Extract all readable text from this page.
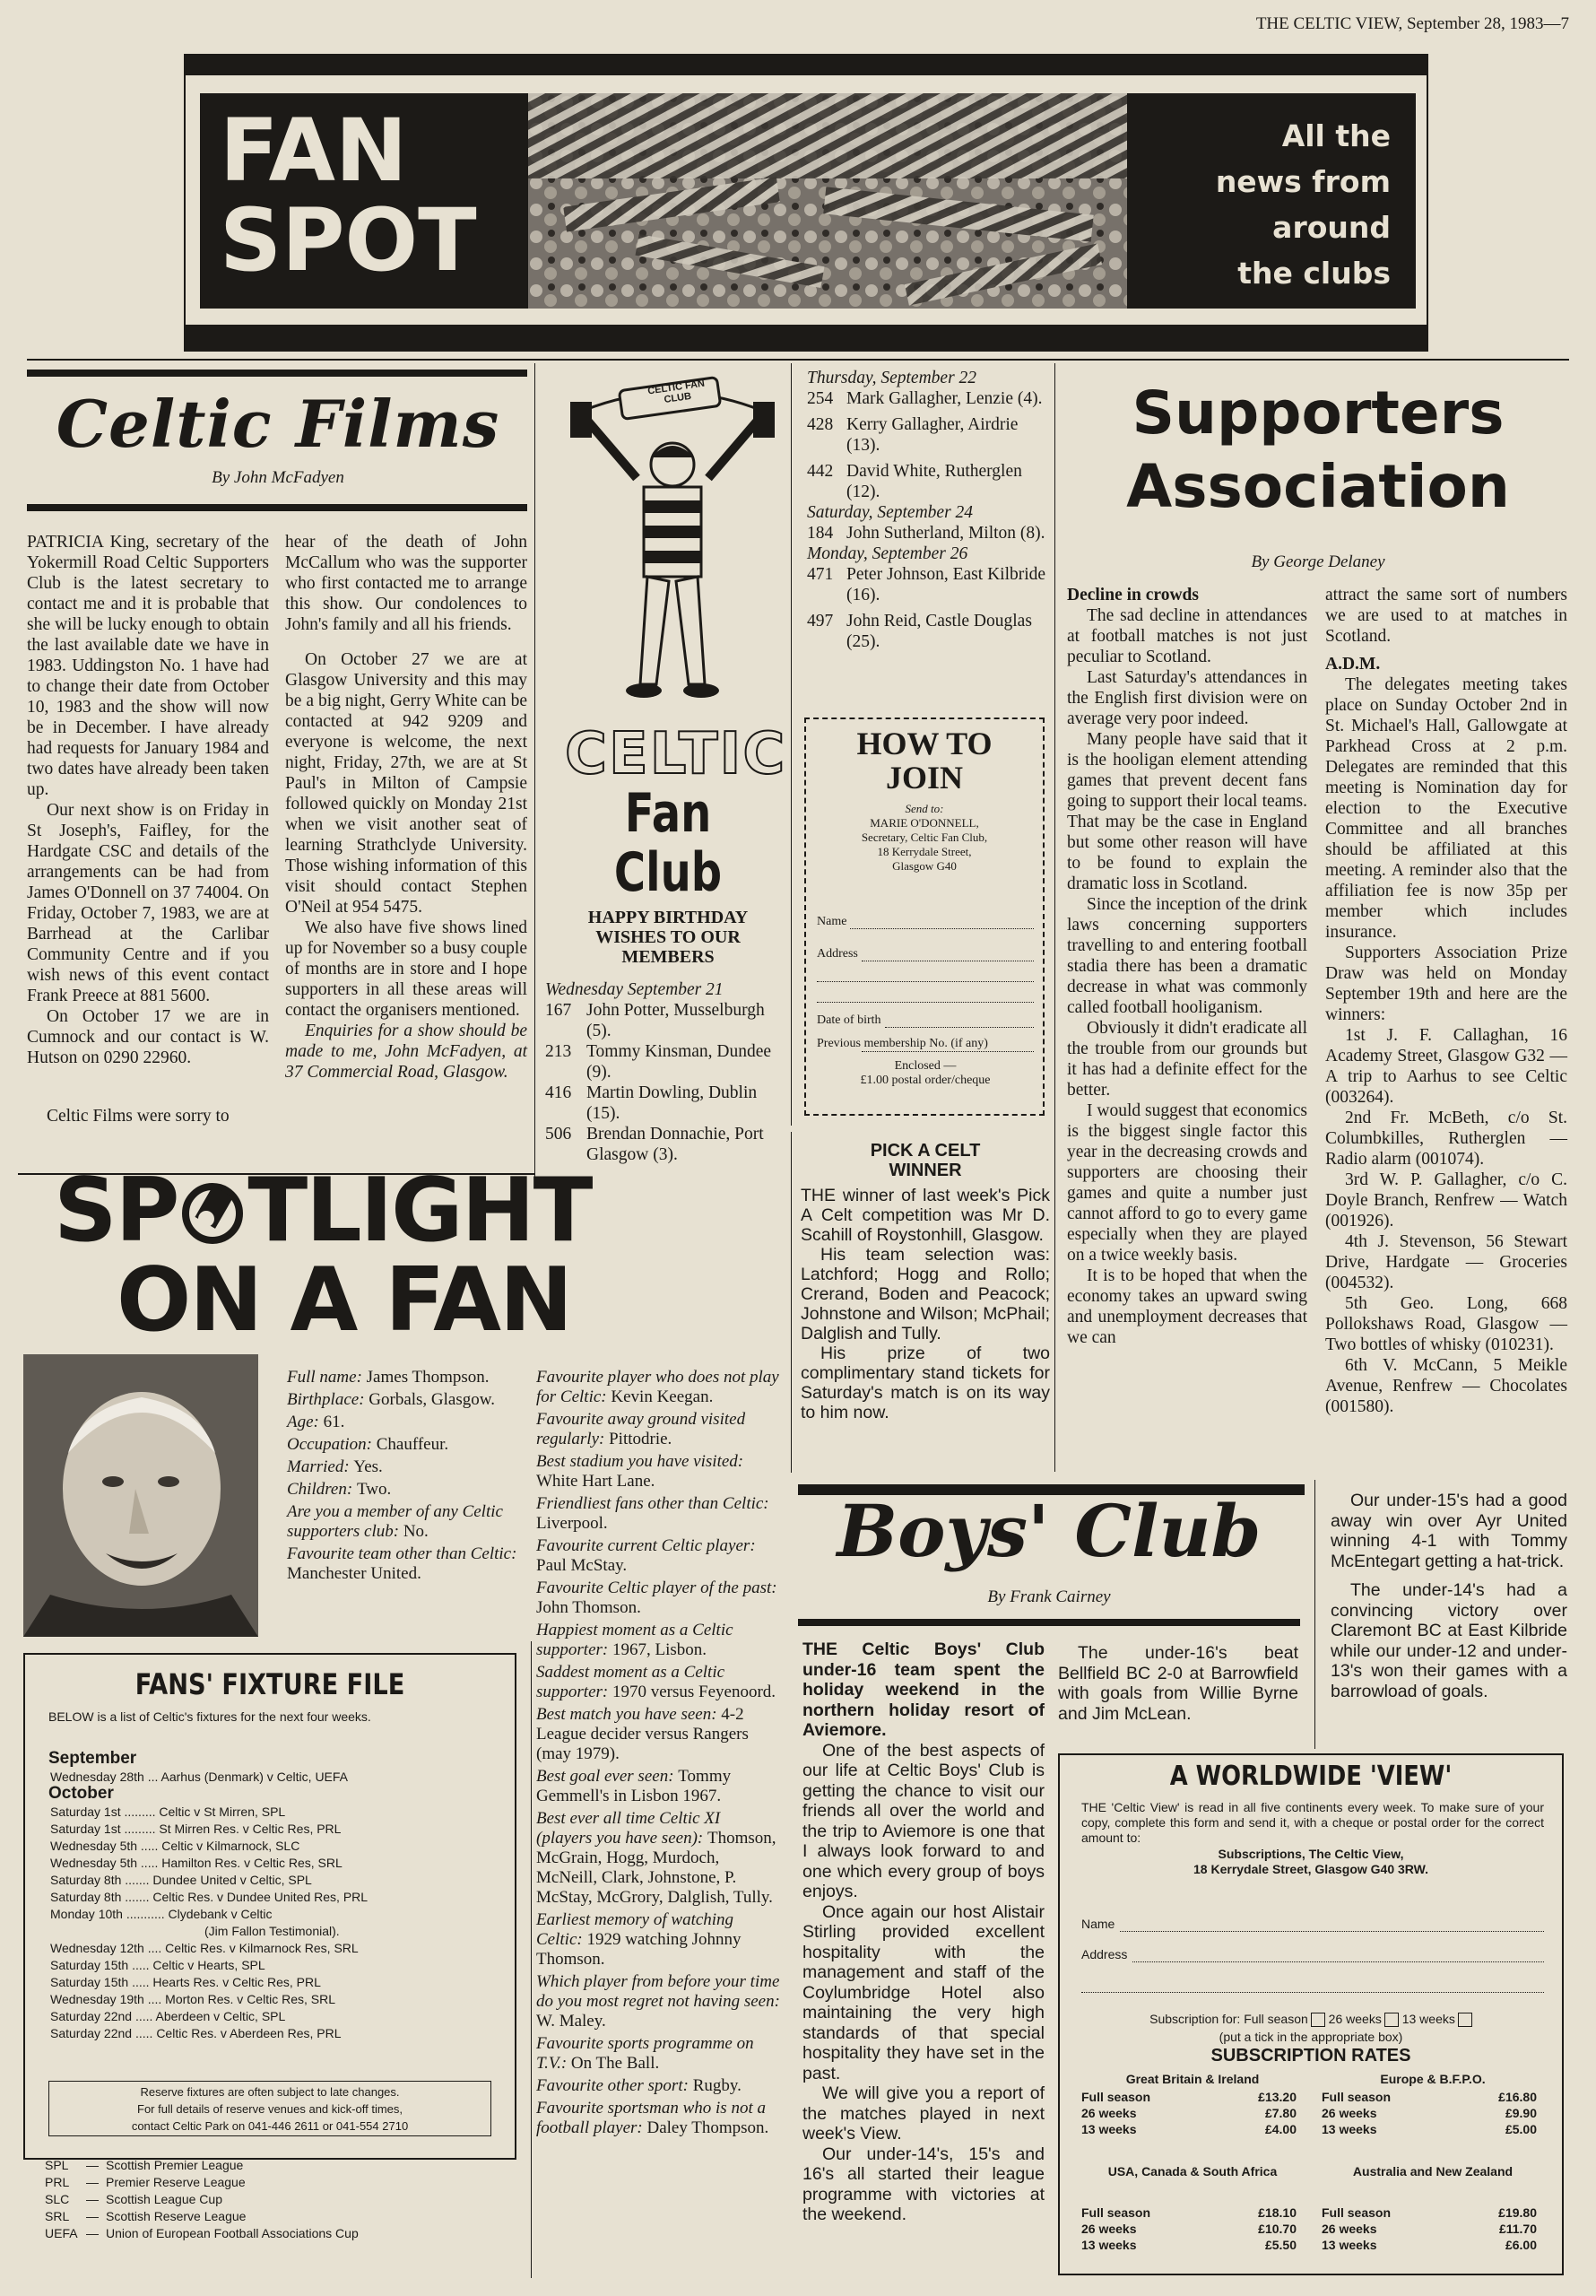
THE CELTIC VIEW, September 28, 1983—7
FAN
SPOT
All the
news from
around
the clubs
Celtic Films
By John McFadyen

PATRICIA King, secretary of the Yokermill Road Celtic Supporters Club is the latest secretary to contact me and it is probable that she will be lucky enough to obtain the last available date we have in 1983. Uddingston No. 1 have had to change their date from October 10, 1983 and the show will now be in December. I have already had requests for January 1984 and two dates have already been taken up.

Our next show is on Friday in St Joseph's, Faifley, for the Hardgate CSC and details of the arrangements can be had from James O'Donnell on 37 74004. On Friday, October 7, 1983, we are at Barrhead at the Carlibar Community Centre and if you wish news of this event contact Frank Preece at 881 5600.

On October 17 we are in Cumnock and our contact is W. Hutson on 0290 22960.

Celtic Films were sorry to

hear of the death of John McCallum who was the supporter who first contacted me to arrange this show. Our condolences to John's family and all his friends.

On October 27 we are at Glasgow University and this may be a big night, Gerry White can be contacted at 942 9209 and everyone is welcome, the next night, Friday, 27th, we are at St Paul's in Milton of Campsie followed quickly on Monday 21st when we visit another seat of learning Strathclyde University. Those wishing information of this visit should contact Stephen O'Neil at 954 5475.

We also have five shows lined up for November so a busy couple of months are in store and I hope supporters in all these areas will contact the organisers mentioned.

Enquiries for a show should be made to me, John McFadyen, at 37 Commercial Road, Glasgow.

CELTIC FAN CLUB
CELTIC
Fan Club
HAPPY BIRTHDAY WISHES TO OUR MEMBERS
Wednesday September 21
167 John Potter, Musselburgh (5).
213 Tommy Kinsman, Dundee (9).
416 Martin Dowling, Dublin (15).
506 Brendan Donnachie, Port Glasgow (3).
Thursday, September 22
254 Mark Gallagher, Lenzie (4).
428 Kerry Gallagher, Airdrie (13).
442 David White, Rutherglen (12).
Saturday, September 24
184 John Sutherland, Milton (8).
Monday, September 26
471 Peter Johnson, East Kilbride (16).
497 John Reid, Castle Douglas (25).
HOW TO
JOIN
Send to:
MARIE O'DONNELL,
Secretary, Celtic Fan Club,
18 Kerrydale Street,
Glasgow G40
Name
Address
Date of birth
Previous membership No. (if any)
Enclosed —
£1.00 postal order/cheque
PICK A CELT
WINNER

THE winner of last week's Pick A Celt competition was Mr D. Scahill of Roystonhill, Glasgow.

His team selection was: Latchford; Hogg and Rollo; Crerand, Boden and Peacock; Johnstone and Wilson; McPhail; Dalglish and Tully.

His prize of two complimentary stand tickets for Saturday's match is on its way to him now.

Supporters
Association
By George Delaney
Decline in crowds

The sad decline in attendances at football matches is not just peculiar to Scotland.

Last Saturday's attendances in the English first division were on average very poor indeed.

Many people have said that it is the hooligan element attending games that prevent decent fans going to support their local teams. That may be the case in England but some other reason will have to be found to explain the dramatic loss in Scotland.

Since the inception of the drink laws concerning supporters travelling to and entering football stadia there has been a dramatic decrease in what was commonly called football hooliganism.

Obviously it didn't eradicate all the trouble from our grounds but it has had a definite effect for the better.

I would suggest that economics is the biggest single factor this year in the decreasing crowds and supporters are choosing their games and quite a number just cannot afford to go to every game especially when they are played on a twice weekly basis.

It is to be hoped that when the economy takes an upward swing and unemployment decreases that we can

attract the same sort of numbers we are used to at matches in Scotland.

A.D.M.

The delegates meeting takes place on Sunday October 2nd in St. Michael's Hall, Gallowgate at Parkhead Cross at 2 p.m. Delegates are reminded that this meeting is Nomination day for election to the Executive Committee and all branches should be affiliated at this meeting. A reminder also that the affiliation fee is now 35p per member which includes insurance.

Supporters Association Prize Draw was held on Monday September 19th and here are the winners:

1st J. F. Callaghan, 16 Academy Street, Glasgow G32 — A trip to Aarhus to see Celtic (003264).

2nd Fr. McBeth, c/o St. Columbkilles, Rutherglen — Radio alarm (001074).

3rd W. P. Gallagher, c/o C. Doyle Branch, Renfrew — Watch (001926).

4th J. Stevenson, 56 Stewart Drive, Hardgate — Groceries (004532).

5th Geo. Long, 668 Pollokshaws Road, Glasgow — Two bottles of whisky (010231).

6th V. McCann, 5 Meikle Avenue, Renfrew — Chocolates (001580).

SP TLIGHT
ON A FAN
Full name: James Thompson.
Birthplace: Gorbals, Glasgow.
Age: 61.
Occupation: Chauffeur.
Married: Yes.
Children: Two.
Are you a member of any Celtic supporters club: No.
Favourite team other than Celtic: Manchester United.
Favourite player who does not play for Celtic: Kevin Keegan.
Favourite away ground visited regularly: Pittodrie.
Best stadium you have visited: White Hart Lane.
Friendliest fans other than Celtic: Liverpool.
Favourite current Celtic player: Paul McStay.
Favourite Celtic player of the past: John Thomson.
Happiest moment as a Celtic supporter: 1967, Lisbon.
Saddest moment as a Celtic supporter: 1970 versus Feyenoord.
Best match you have seen: 4-2 League decider versus Rangers (may 1979).
Best goal ever seen: Tommy Gemmell's in Lisbon 1967.
Best ever all time Celtic XI (players you have seen): Thomson, McGrain, Hogg, Murdoch, McNeill, Clark, Johnstone, P. McStay, McGrory, Dalglish, Tully.
Earliest memory of watching Celtic: 1929 watching Johnny Thomson.
Which player from before your time do you most regret not having seen: W. Maley.
Favourite sports programme on T.V.: On The Ball.
Favourite other sport: Rugby.
Favourite sportsman who is not a football player: Daley Thompson.
FANS' FIXTURE FILE
BELOW is a list of Celtic's fixtures for the next four weeks.
Reserve fixtures are often subject to late changes.
For full details of reserve venues and kick-off times,
contact Celtic Park on 041-446 2611 or 041-554 2710
September
Wednesday 28th ... Aarhus (Denmark) v Celtic, UEFA
October
Saturday 1st ......... Celtic v St Mirren, SPL
Saturday 1st ......... St Mirren Res. v Celtic Res, PRL
Wednesday 5th ..... Celtic v Kilmarnock, SLC
Wednesday 5th ..... Hamilton Res. v Celtic Res, SRL
Saturday 8th ....... Dundee United v Celtic, SPL
Saturday 8th ....... Celtic Res. v Dundee United Res, PRL
Monday 10th ........... Clydebank v Celtic
(Jim Fallon Testimonial).
Wednesday 12th .... Celtic Res. v Kilmarnock Res, SRL
Saturday 15th ..... Celtic v Hearts, SPL
Saturday 15th ..... Hearts Res. v Celtic Res, PRL
Wednesday 19th .... Morton Res. v Celtic Res, SRL
Saturday 22nd ..... Aberdeen v Celtic, SPL
Saturday 22nd ..... Celtic Res. v Aberdeen Res, PRL
SPL	— Scottish Premier League
PRL	— Premier Reserve League
SLC	— Scottish League Cup
SRL	— Scottish Reserve League
UEFA — Union of European Football Associations Cup
Boys' Club
By Frank Cairney

THE Celtic Boys' Club under-16 team spent the holiday weekend in the northern holiday resort of Aviemore.

One of the best aspects of our life at Celtic Boys' Club is getting the chance to visit our friends all over the world and the trip to Aviemore is one that I always look forward to and one which every group of boys enjoys.

Once again our host Alistair Stirling provided excellent hospitality with the management and staff of the Coylumbridge Hotel also maintaining the very high standards of that special hospitality they have set in the past.

We will give you a report of the matches played in next week's View.

Our under-14's, 15's and 16's all started their league programme with victories at the weekend.

The under-16's beat Bellfield BC 2-0 at Barrowfield with goals from Willie Byrne and Jim McLean.

Our under-15's had a good away win over Ayr United winning 4-1 with Tommy McEntegart getting a hat-trick.

The under-14's had a convincing victory over Claremont BC at East Kilbride while our under-12 and under-13's won their games with a barrowload of goals.

A WORLDWIDE 'VIEW'
THE 'Celtic View' is read in all five continents every week. To make sure of your copy, complete this form and send it, with a cheque or postal order for the correct amount to:
Subscriptions, The Celtic View,
18 Kerrydale Street, Glasgow G40 3RW.
Name
Address
Subscription for: Full season 26 weeks 13 weeks
(put a tick in the appropriate box)
SUBSCRIPTION RATES
Great Britain & Ireland
Full season	£13.20
26 weeks	£7.80
13 weeks	£4.00
Europe & B.F.P.O.
Full season	£16.80
26 weeks	£9.90
13 weeks	£5.00
USA, Canada & South Africa
Full season	£18.10
26 weeks	£10.70
13 weeks	£5.50
Australia and New Zealand
Full season	£19.80
26 weeks	£11.70
13 weeks	£6.00
